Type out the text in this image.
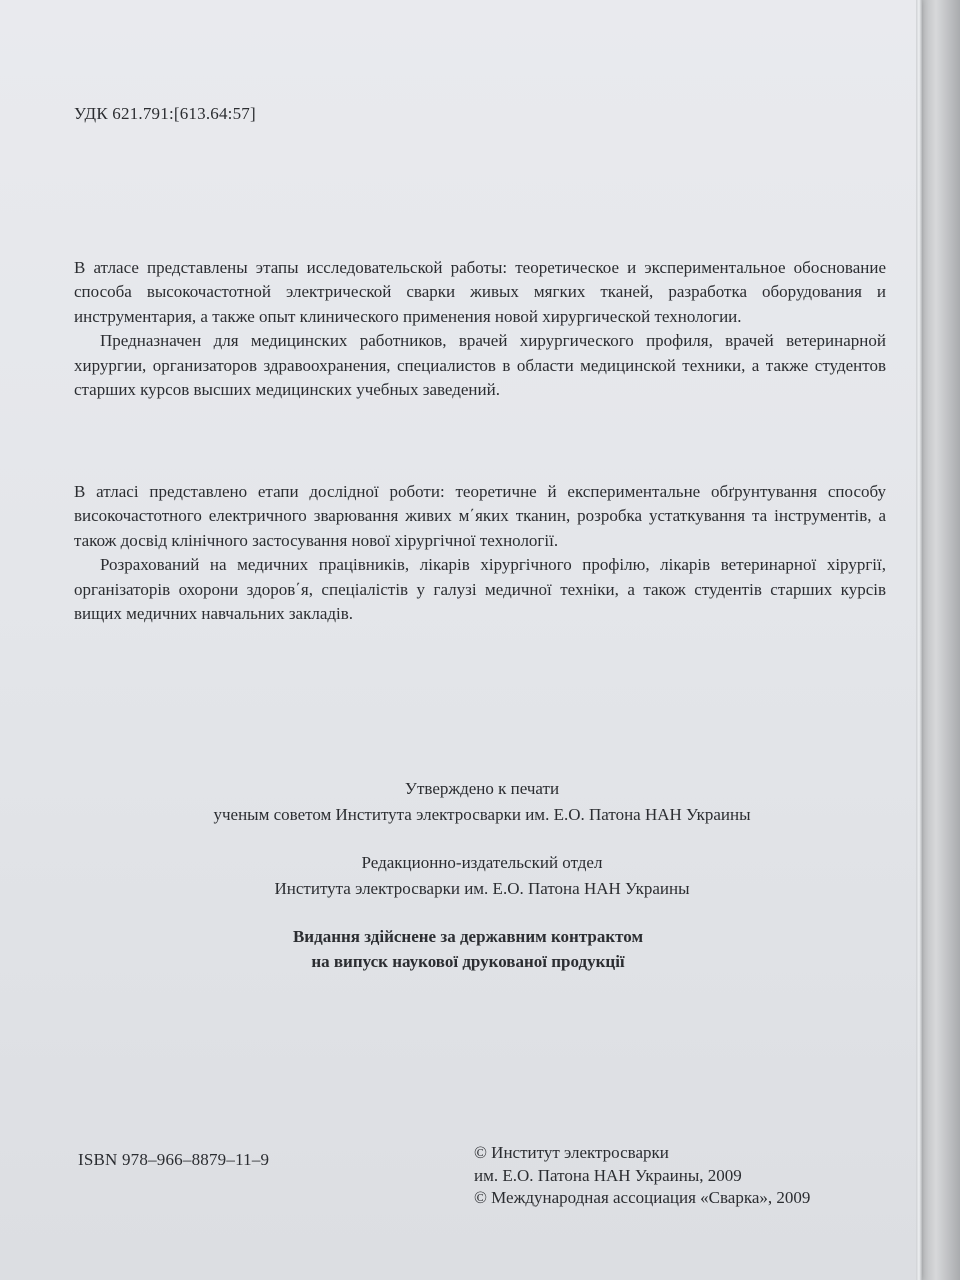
УДК 621.791:[613.64:57]

В атласе представлены этапы исследовательской работы: теоретическое и экспериментальное обоснование способа высокочастотной электрической сварки живых мягких тканей, разработка оборудования и инструментария, а также опыт клинического применения новой хирургической технологии.

Предназначен для медицинских работников, врачей хирургического профиля, врачей ветеринарной хирургии, организаторов здравоохранения, специалистов в области медицинской техники, а также студентов старших курсов высших медицинских учебных заведений.

В атласі представлено етапи дослідної роботи: теоретичне й експериментальне обґрунтування способу високочастотного електричного зварювання живих м΄яких тканин, розробка устаткування та інструментів, а також досвід клінічного застосування нової хірургічної технології.

Розрахований на медичних працівників, лікарів хірургічного профілю, лікарів ветеринарної хірургії, організаторів охорони здоров΄я, спеціалістів у галузі медичної техніки, а також студентів старших курсів вищих медичних навчальних закладів.

Утверждено к печати
ученым советом Института электросварки им. Е.О. Патона НАН Украины
Редакционно-издательский отдел
Института электросварки им. Е.О. Патона НАН Украины
Видання здійснене за державним контрактом
на випуск наукової друкованої продукції
ISBN 978–966–8879–11–9	© Институт электросварки
им. Е.О. Патона НАН Украины, 2009
© Международная ассоциация «Сварка», 2009
